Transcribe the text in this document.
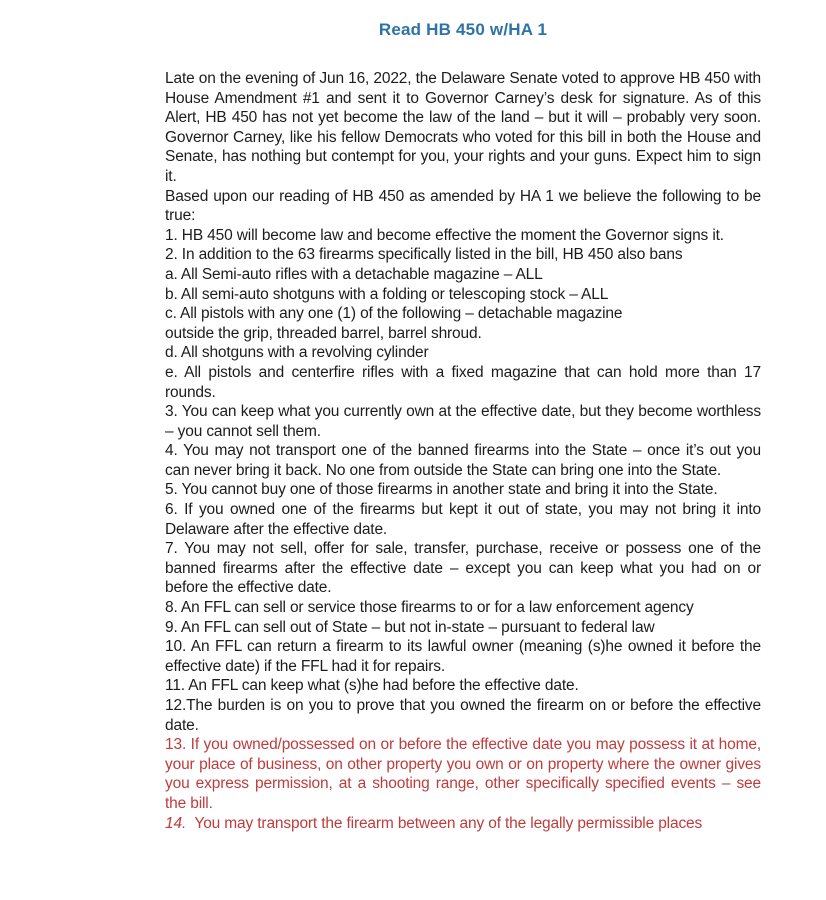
Read HB 450 w/HA 1

Late on the evening of Jun 16, 2022, the Delaware Senate voted to approve HB 450 with House Amendment #1 and sent it to Governor Carney’s desk for signature. As of this Alert, HB 450 has not yet become the law of the land – but it will – probably very soon. Governor Carney, like his fellow Democrats who voted for this bill in both the House and Senate, has nothing but contempt for you, your rights and your guns. Expect him to sign it.

Based upon our reading of HB 450 as amended by HA 1 we believe the following to be true:

1. HB 450 will become law and become effective the moment the Governor signs it.

2. In addition to the 63 firearms specifically listed in the bill, HB 450 also bans

a. All Semi-auto rifles with a detachable magazine – ALL

b. All semi-auto shotguns with a folding or telescoping stock – ALL

c. All pistols with any one (1) of the following – detachable magazine

outside the grip, threaded barrel, barrel shroud.

d. All shotguns with a revolving cylinder

e. All pistols and centerfire rifles with a fixed magazine that can hold more than 17 rounds.

3. You can keep what you currently own at the effective date, but they become worthless – you cannot sell them.

4. You may not transport one of the banned firearms into the State – once it’s out you can never bring it back. No one from outside the State can bring one into the State.

5. You cannot buy one of those firearms in another state and bring it into the State.

6. If you owned one of the firearms but kept it out of state, you may not bring it into Delaware after the effective date.

7. You may not sell, offer for sale, transfer, purchase, receive or possess one of the banned firearms after the effective date – except you can keep what you had on or before the effective date.

8. An FFL can sell or service those firearms to or for a law enforcement agency

9. An FFL can sell out of State – but not in-state – pursuant to federal law

10. An FFL can return a firearm to its lawful owner (meaning (s)he owned it before the effective date) if the FFL had it for repairs.

11. An FFL can keep what (s)he had before the effective date.

12.The burden is on you to prove that you owned the firearm on or before the effective date.

13. If you owned/possessed on or before the effective date you may possess it at home, your place of business, on other property you own or on property where the owner gives you express permission, at a shooting range, other specifically specified events – see the bill.

14.  You may transport the firearm between any of the legally permissible places
